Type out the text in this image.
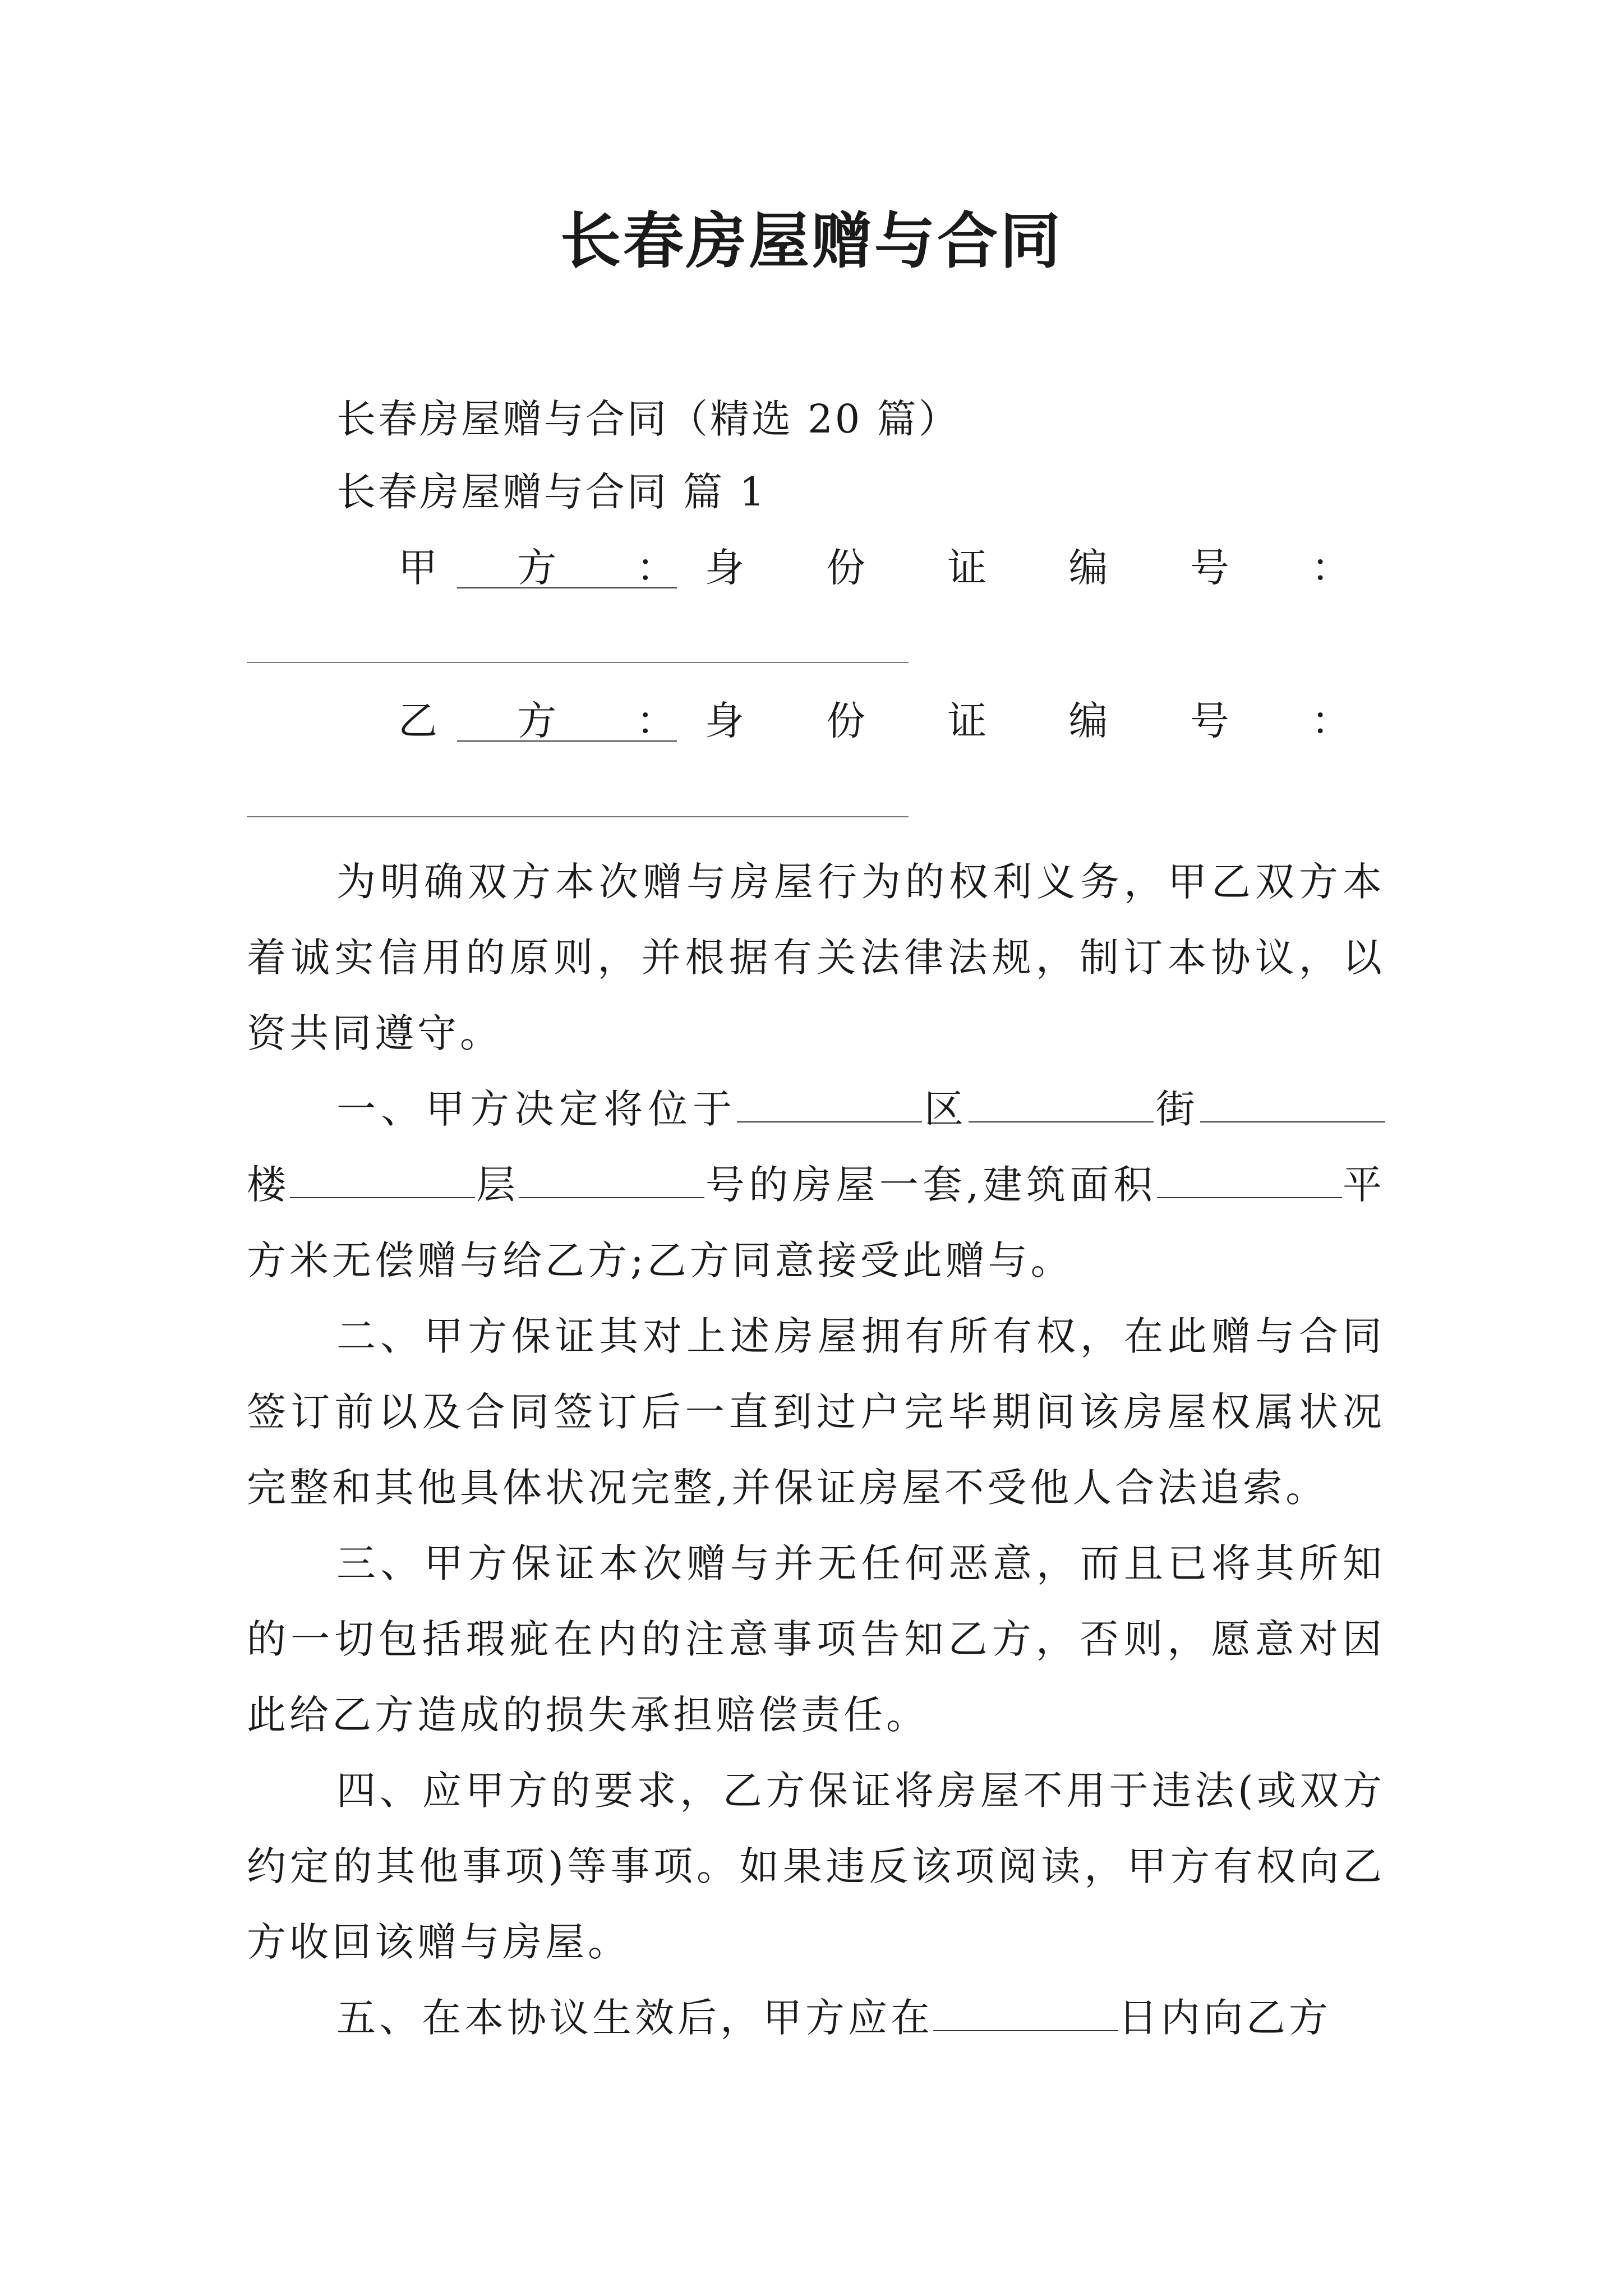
长春房屋赠与合同
长春房屋赠与合同（精选 20 篇）
长春房屋赠与合同 篇 1
甲 方 ：
身 份 证 编 号 ：
乙 方 ：
身 份 证 编 号 ：
为明确双方本次赠与房屋行为的权利义务，甲乙双方本着诚实信用的原则，并根据有关法律法规，制订本协议，以资共同遵守。
一、甲方决定将位于	区	街楼	层	号的房屋一套,建筑面积	平方米无偿赠与给乙方;乙方同意接受此赠与。
二、甲方保证其对上述房屋拥有所有权，在此赠与合同签订前以及合同签订后一直到过户完毕期间该房屋权属状况完整和其他具体状况完整,并保证房屋不受他人合法追索。
三、甲方保证本次赠与并无任何恶意，而且已将其所知的一切包括瑕疵在内的注意事项告知乙方，否则，愿意对因此给乙方造成的损失承担赔偿责任。
四、应甲方的要求，乙方保证将房屋不用于违法(或双方约定的其他事项)等事项。如果违反该项阅读，甲方有权向乙方收回该赠与房屋。
五、在本协议生效后，甲方应在	日内向乙方
